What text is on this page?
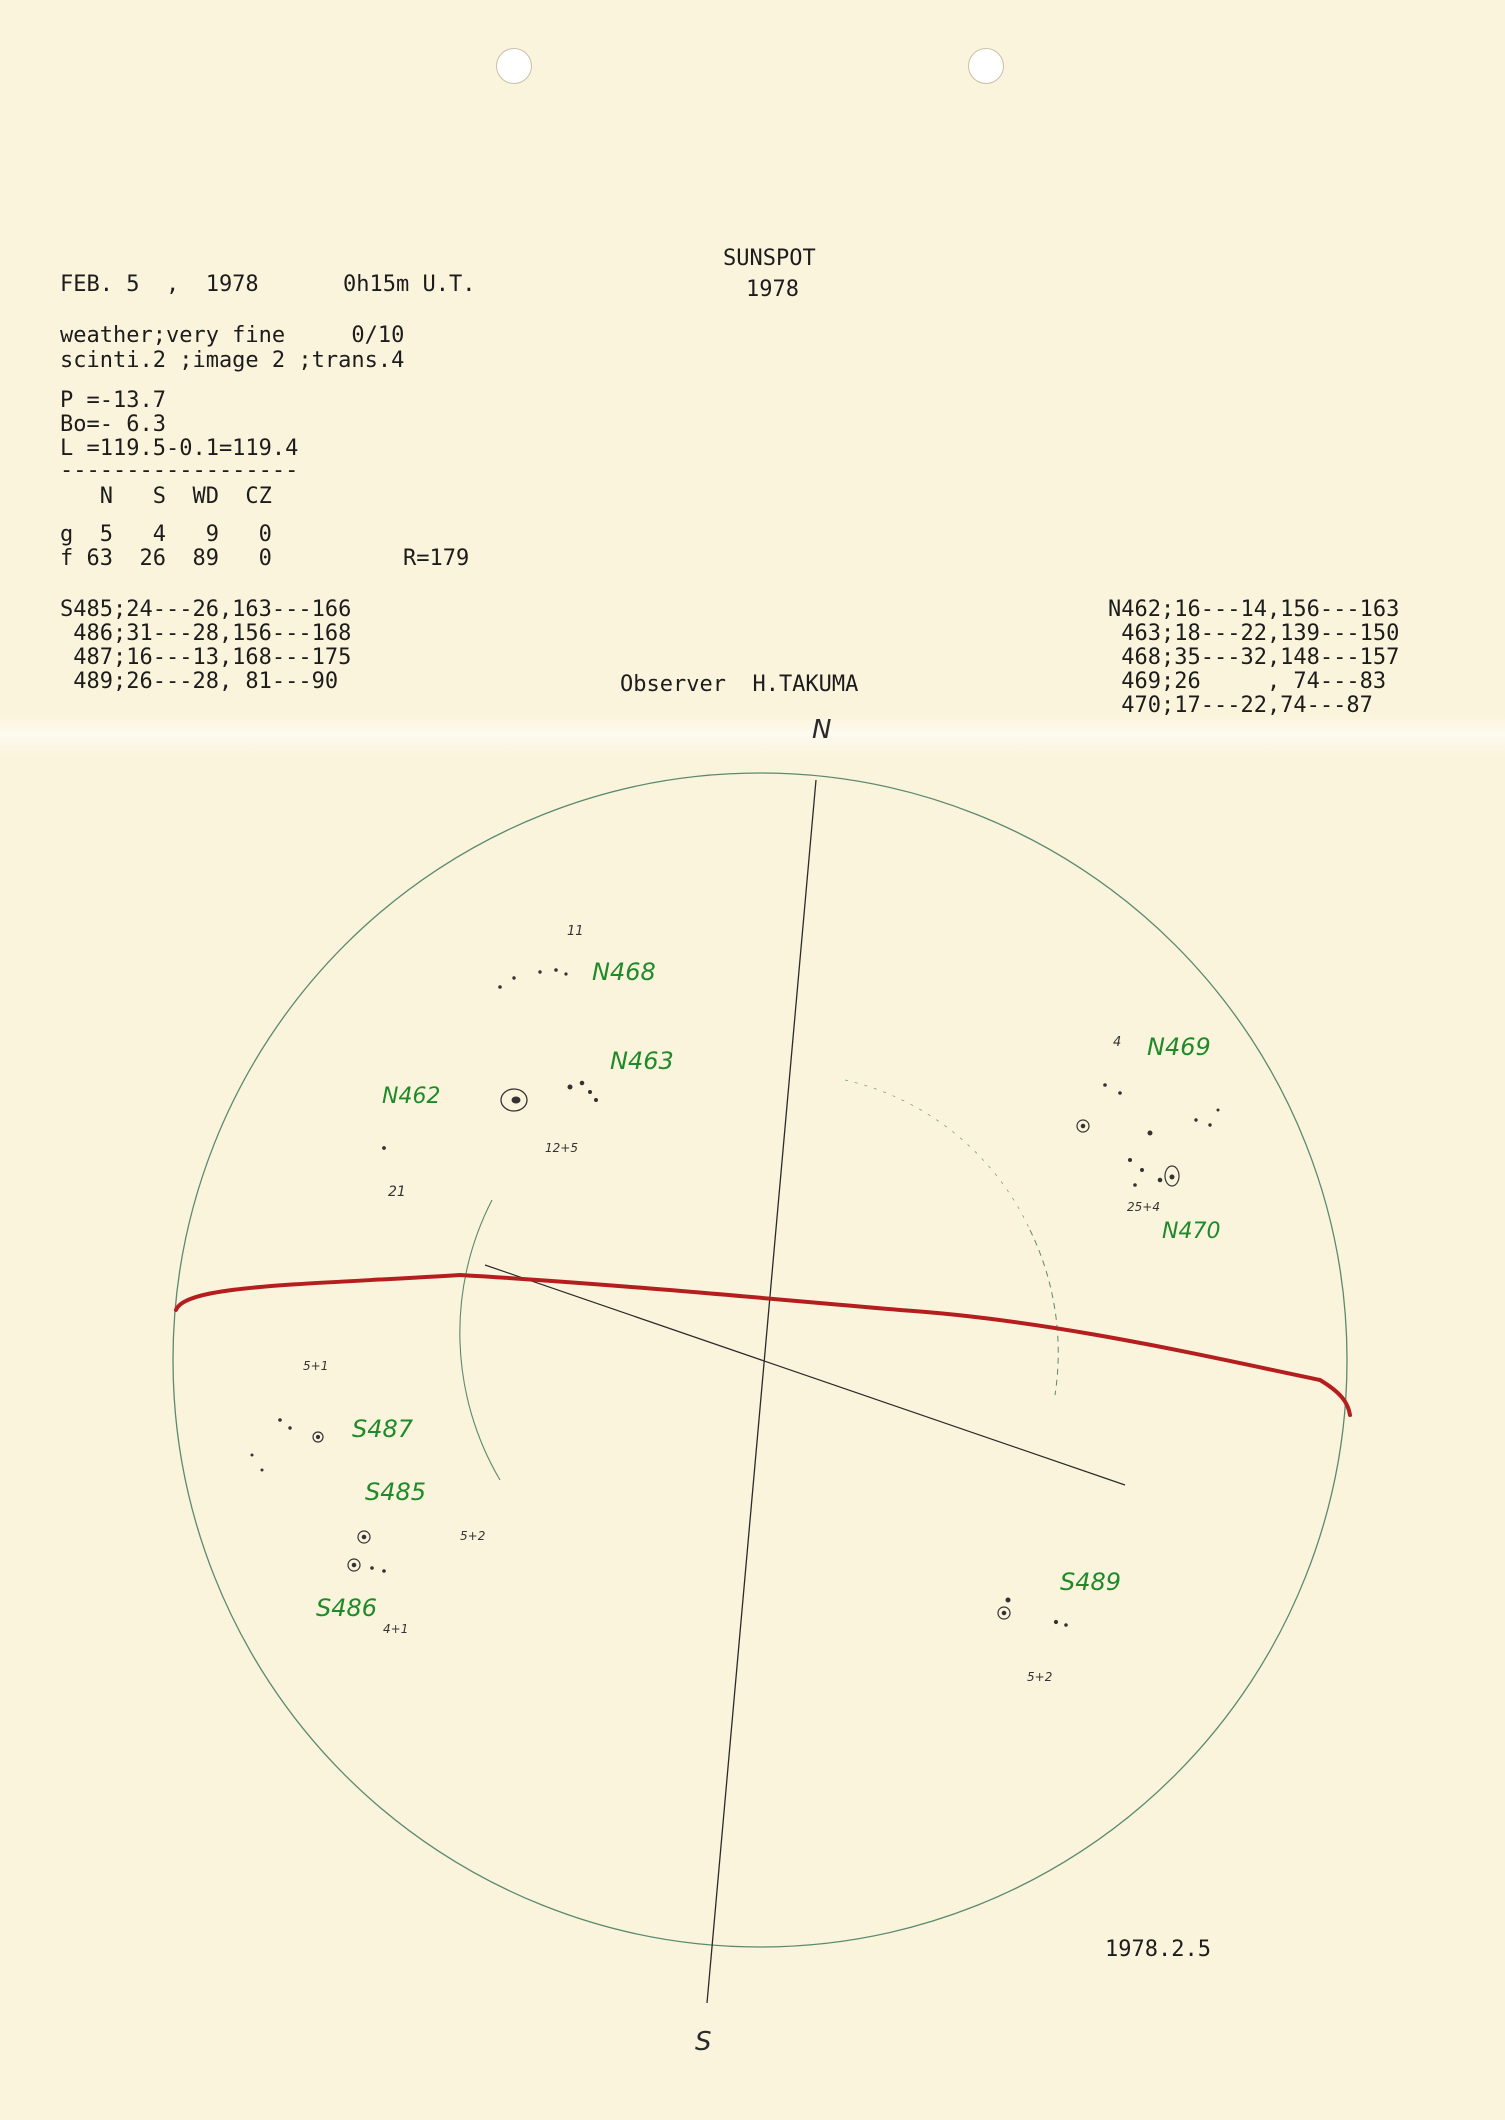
FEB. 5  ,  1978	0h15m U.T.
SUNSPOT
1978
weather;very fine     0/10
scinti.2 ;image 2 ;trans.4
P =-13.7
Bo=- 6.3
L =119.5-0.1=119.4
------------------
N   S  WD  CZ
g  5   4   9   0
f 63  26  89   0	R=179
S485;24---26,163---166
486;31---28,156---168
487;16---13,168---175
489;26---28, 81---90
N462;16---14,156---163
463;18---22,139---150
468;35---32,148---157
469;26     , 74---83
470;17---22,74---87
Observer  H.TAKUMA
1978.2.5
N
S
N468
N463
N462
N469
N470
S487
S485
S486
S489
11
12+5
21
4
25+4
5+1
5+2
4+1
5+2
